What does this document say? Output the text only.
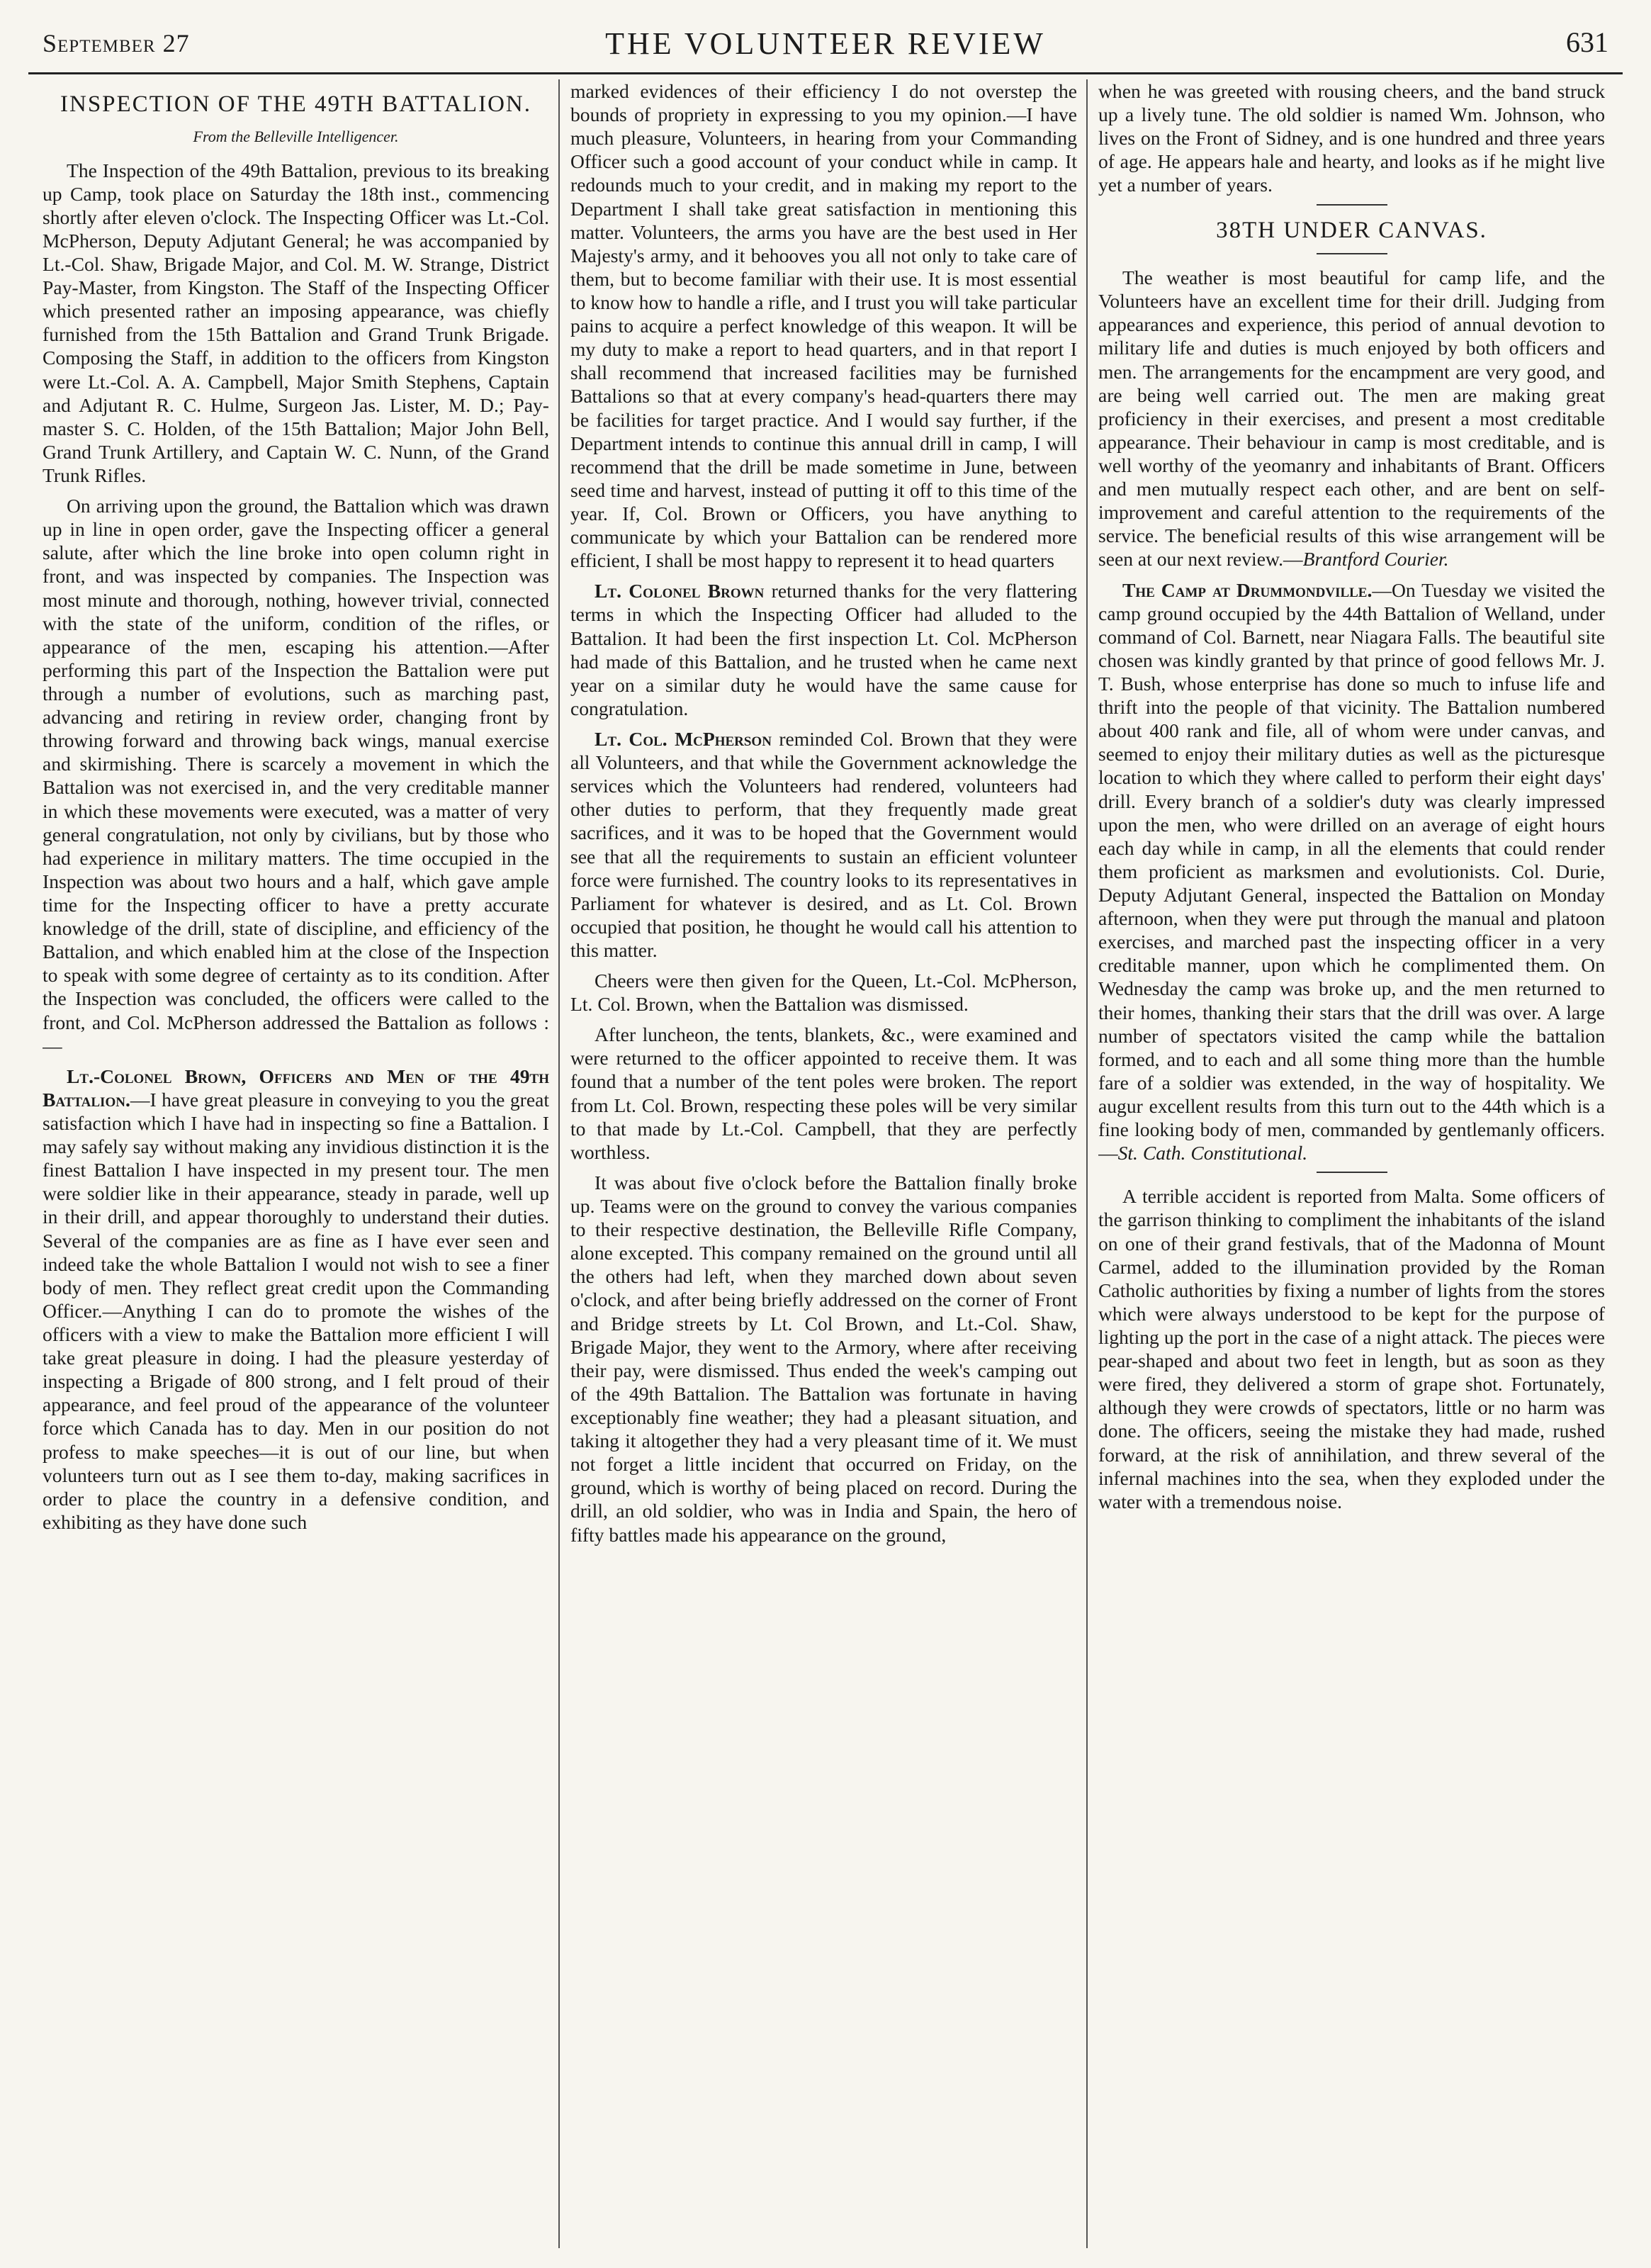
September 27	THE VOLUNTEER REVIEW	631
INSPECTION OF THE 49TH BATTALION.
From the Belleville Intelligencer.

The Inspection of the 49th Battalion, previous to its breaking up Camp, took place on Saturday the 18th inst., commencing shortly after eleven o'clock. The Inspecting Officer was Lt.-Col. McPherson, Deputy Adjutant General; he was accompanied by Lt.-Col. Shaw, Brigade Major, and Col. M. W. Strange, District Pay-Master, from Kingston. The Staff of the Inspecting Officer which presented rather an imposing appearance, was chiefly furnished from the 15th Battalion and Grand Trunk Brigade. Composing the Staff, in addition to the officers from Kingston were Lt.-Col. A. A. Campbell, Major Smith Stephens, Captain and Adjutant R. C. Hulme, Surgeon Jas. Lister, M. D.; Pay-master S. C. Holden, of the 15th Battalion; Major John Bell, Grand Trunk Artillery, and Captain W. C. Nunn, of the Grand Trunk Rifles.

On arriving upon the ground, the Battalion which was drawn up in line in open order, gave the Inspecting officer a general salute, after which the line broke into open column right in front, and was inspected by companies. The Inspection was most minute and thorough, nothing, however trivial, connected with the state of the uniform, condition of the rifles, or appearance of the men, escaping his attention.—After performing this part of the Inspection the Battalion were put through a number of evolutions, such as marching past, advancing and retiring in review order, changing front by throwing forward and throwing back wings, manual exercise and skirmishing. There is scarcely a movement in which the Battalion was not exercised in, and the very creditable manner in which these movements were executed, was a matter of very general congratulation, not only by civilians, but by those who had experience in military matters. The time occupied in the Inspection was about two hours and a half, which gave ample time for the Inspecting officer to have a pretty accurate knowledge of the drill, state of discipline, and efficiency of the Battalion, and which enabled him at the close of the Inspection to speak with some degree of certainty as to its condition. After the Inspection was concluded, the officers were called to the front, and Col. McPherson addressed the Battalion as follows :—

Lt.-Colonel Brown, Officers and Men of the 49th Battalion.—I have great pleasure in conveying to you the great satisfaction which I have had in inspecting so fine a Battalion. I may safely say without making any invidious distinction it is the finest Battalion I have inspected in my present tour. The men were soldier like in their appearance, steady in parade, well up in their drill, and appear thoroughly to understand their duties. Several of the companies are as fine as I have ever seen and indeed take the whole Battalion I would not wish to see a finer body of men. They reflect great credit upon the Commanding Officer.—Anything I can do to promote the wishes of the officers with a view to make the Battalion more efficient I will take great pleasure in doing. I had the pleasure yesterday of inspecting a Brigade of 800 strong, and I felt proud of their appearance, and feel proud of the appearance of the volunteer force which Canada has to day. Men in our position do not profess to make speeches—it is out of our line, but when volunteers turn out as I see them to-day, making sacrifices in order to place the country in a defensive condition, and exhibiting as they have done such

marked evidences of their efficiency I do not overstep the bounds of propriety in expressing to you my opinion.—I have much pleasure, Volunteers, in hearing from your Commanding Officer such a good account of your conduct while in camp. It redounds much to your credit, and in making my report to the Department I shall take great satisfaction in mentioning this matter. Volunteers, the arms you have are the best used in Her Majesty's army, and it behooves you all not only to take care of them, but to become familiar with their use. It is most essential to know how to handle a rifle, and I trust you will take particular pains to acquire a perfect knowledge of this weapon. It will be my duty to make a report to head quarters, and in that report I shall recommend that increased facilities may be furnished Battalions so that at every company's head-quarters there may be facilities for target practice. And I would say further, if the Department intends to continue this annual drill in camp, I will recommend that the drill be made sometime in June, between seed time and harvest, instead of putting it off to this time of the year. If, Col. Brown or Officers, you have anything to communicate by which your Battalion can be rendered more efficient, I shall be most happy to represent it to head quarters

Lt. Colonel Brown returned thanks for the very flattering terms in which the Inspecting Officer had alluded to the Battalion. It had been the first inspection Lt. Col. McPherson had made of this Battalion, and he trusted when he came next year on a similar duty he would have the same cause for congratulation.

Lt. Col. McPherson reminded Col. Brown that they were all Volunteers, and that while the Government acknowledge the services which the Volunteers had rendered, volunteers had other duties to perform, that they frequently made great sacrifices, and it was to be hoped that the Government would see that all the requirements to sustain an efficient volunteer force were furnished. The country looks to its representatives in Parliament for whatever is desired, and as Lt. Col. Brown occupied that position, he thought he would call his attention to this matter.

Cheers were then given for the Queen, Lt.-Col. McPherson, Lt. Col. Brown, when the Battalion was dismissed.

After luncheon, the tents, blankets, &c., were examined and were returned to the officer appointed to receive them. It was found that a number of the tent poles were broken. The report from Lt. Col. Brown, respecting these poles will be very similar to that made by Lt.-Col. Campbell, that they are perfectly worthless.

It was about five o'clock before the Battalion finally broke up. Teams were on the ground to convey the various companies to their respective destination, the Belleville Rifle Company, alone excepted. This company remained on the ground until all the others had left, when they marched down about seven o'clock, and after being briefly addressed on the corner of Front and Bridge streets by Lt. Col Brown, and Lt.-Col. Shaw, Brigade Major, they went to the Armory, where after receiving their pay, were dismissed. Thus ended the week's camping out of the 49th Battalion. The Battalion was fortunate in having exceptionably fine weather; they had a pleasant situation, and taking it altogether they had a very pleasant time of it. We must not forget a little incident that occurred on Friday, on the ground, which is worthy of being placed on record. During the drill, an old soldier, who was in India and Spain, the hero of fifty battles made his appearance on the ground,

when he was greeted with rousing cheers, and the band struck up a lively tune. The old soldier is named Wm. Johnson, who lives on the Front of Sidney, and is one hundred and three years of age. He appears hale and hearty, and looks as if he might live yet a number of years.

38TH UNDER CANVAS.

The weather is most beautiful for camp life, and the Volunteers have an excellent time for their drill. Judging from appearances and experience, this period of annual devotion to military life and duties is much enjoyed by both officers and men. The arrangements for the encampment are very good, and are being well carried out. The men are making great proficiency in their exercises, and present a most creditable appearance. Their behaviour in camp is most creditable, and is well worthy of the yeomanry and inhabitants of Brant. Officers and men mutually respect each other, and are bent on self-improvement and careful attention to the requirements of the service. The beneficial results of this wise arrangement will be seen at our next review.—Brantford Courier.

The Camp at Drummondville.—On Tuesday we visited the camp ground occupied by the 44th Battalion of Welland, under command of Col. Barnett, near Niagara Falls. The beautiful site chosen was kindly granted by that prince of good fellows Mr. J. T. Bush, whose enterprise has done so much to infuse life and thrift into the people of that vicinity. The Battalion numbered about 400 rank and file, all of whom were under canvas, and seemed to enjoy their military duties as well as the picturesque location to which they where called to perform their eight days' drill. Every branch of a soldier's duty was clearly impressed upon the men, who were drilled on an average of eight hours each day while in camp, in all the elements that could render them proficient as marksmen and evolutionists. Col. Durie, Deputy Adjutant General, inspected the Battalion on Monday afternoon, when they were put through the manual and platoon exercises, and marched past the inspecting officer in a very creditable manner, upon which he complimented them. On Wednesday the camp was broke up, and the men returned to their homes, thanking their stars that the drill was over. A large number of spectators visited the camp while the battalion formed, and to each and all some thing more than the humble fare of a soldier was extended, in the way of hospitality. We augur excellent results from this turn out to the 44th which is a fine looking body of men, commanded by gentlemanly officers.—St. Cath. Constitutional.

A terrible accident is reported from Malta. Some officers of the garrison thinking to compliment the inhabitants of the island on one of their grand festivals, that of the Madonna of Mount Carmel, added to the illumination provided by the Roman Catholic authorities by fixing a number of lights from the stores which were always understood to be kept for the purpose of lighting up the port in the case of a night attack. The pieces were pear-shaped and about two feet in length, but as soon as they were fired, they delivered a storm of grape shot. Fortunately, although they were crowds of spectators, little or no harm was done. The officers, seeing the mistake they had made, rushed forward, at the risk of annihilation, and threw several of the infernal machines into the sea, when they exploded under the water with a tremendous noise.
